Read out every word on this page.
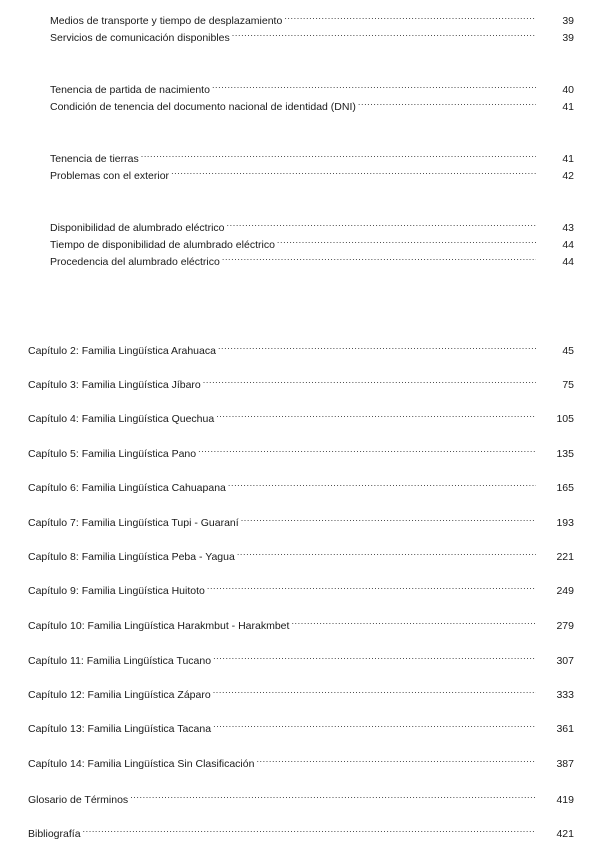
Medios de transporte y tiempo de desplazamiento .....	39
Servicios de comunicación disponibles .....	39
Tenencia de partida de nacimiento .....	40
Condición de tenencia del documento nacional de identidad (DNI) .....	41
Tenencia de tierras .....	41
Problemas con el exterior .....	42
Disponibilidad de alumbrado eléctrico .....	43
Tiempo de disponibilidad de alumbrado eléctrico .....	44
Procedencia del alumbrado eléctrico .....	44
Capítulo 2: Familia Lingüística Arahuaca .....	45
Capítulo 3: Familia Lingüística Jíbaro .....	75
Capítulo 4: Familia Lingüística Quechua .....	105
Capítulo 5: Familia Lingüística Pano .....	135
Capítulo 6: Familia Lingüística Cahuapana .....	165
Capítulo 7: Familia Lingüística Tupi - Guaraní .....	193
Capítulo 8: Familia Lingüística Peba - Yagua .....	221
Capítulo 9: Familia Lingüística Huitoto .....	249
Capítulo 10: Familia Lingüística Harakmbut - Harakmbet .....	279
Capítulo 11: Familia Lingüística Tucano .....	307
Capítulo 12: Familia Lingüística Záparo .....	333
Capítulo 13: Familia Lingüística Tacana .....	361
Capítulo 14: Familia Lingüística Sin Clasificación .....	387
Glosario de Términos .....	419
Bibliografía .....	421
